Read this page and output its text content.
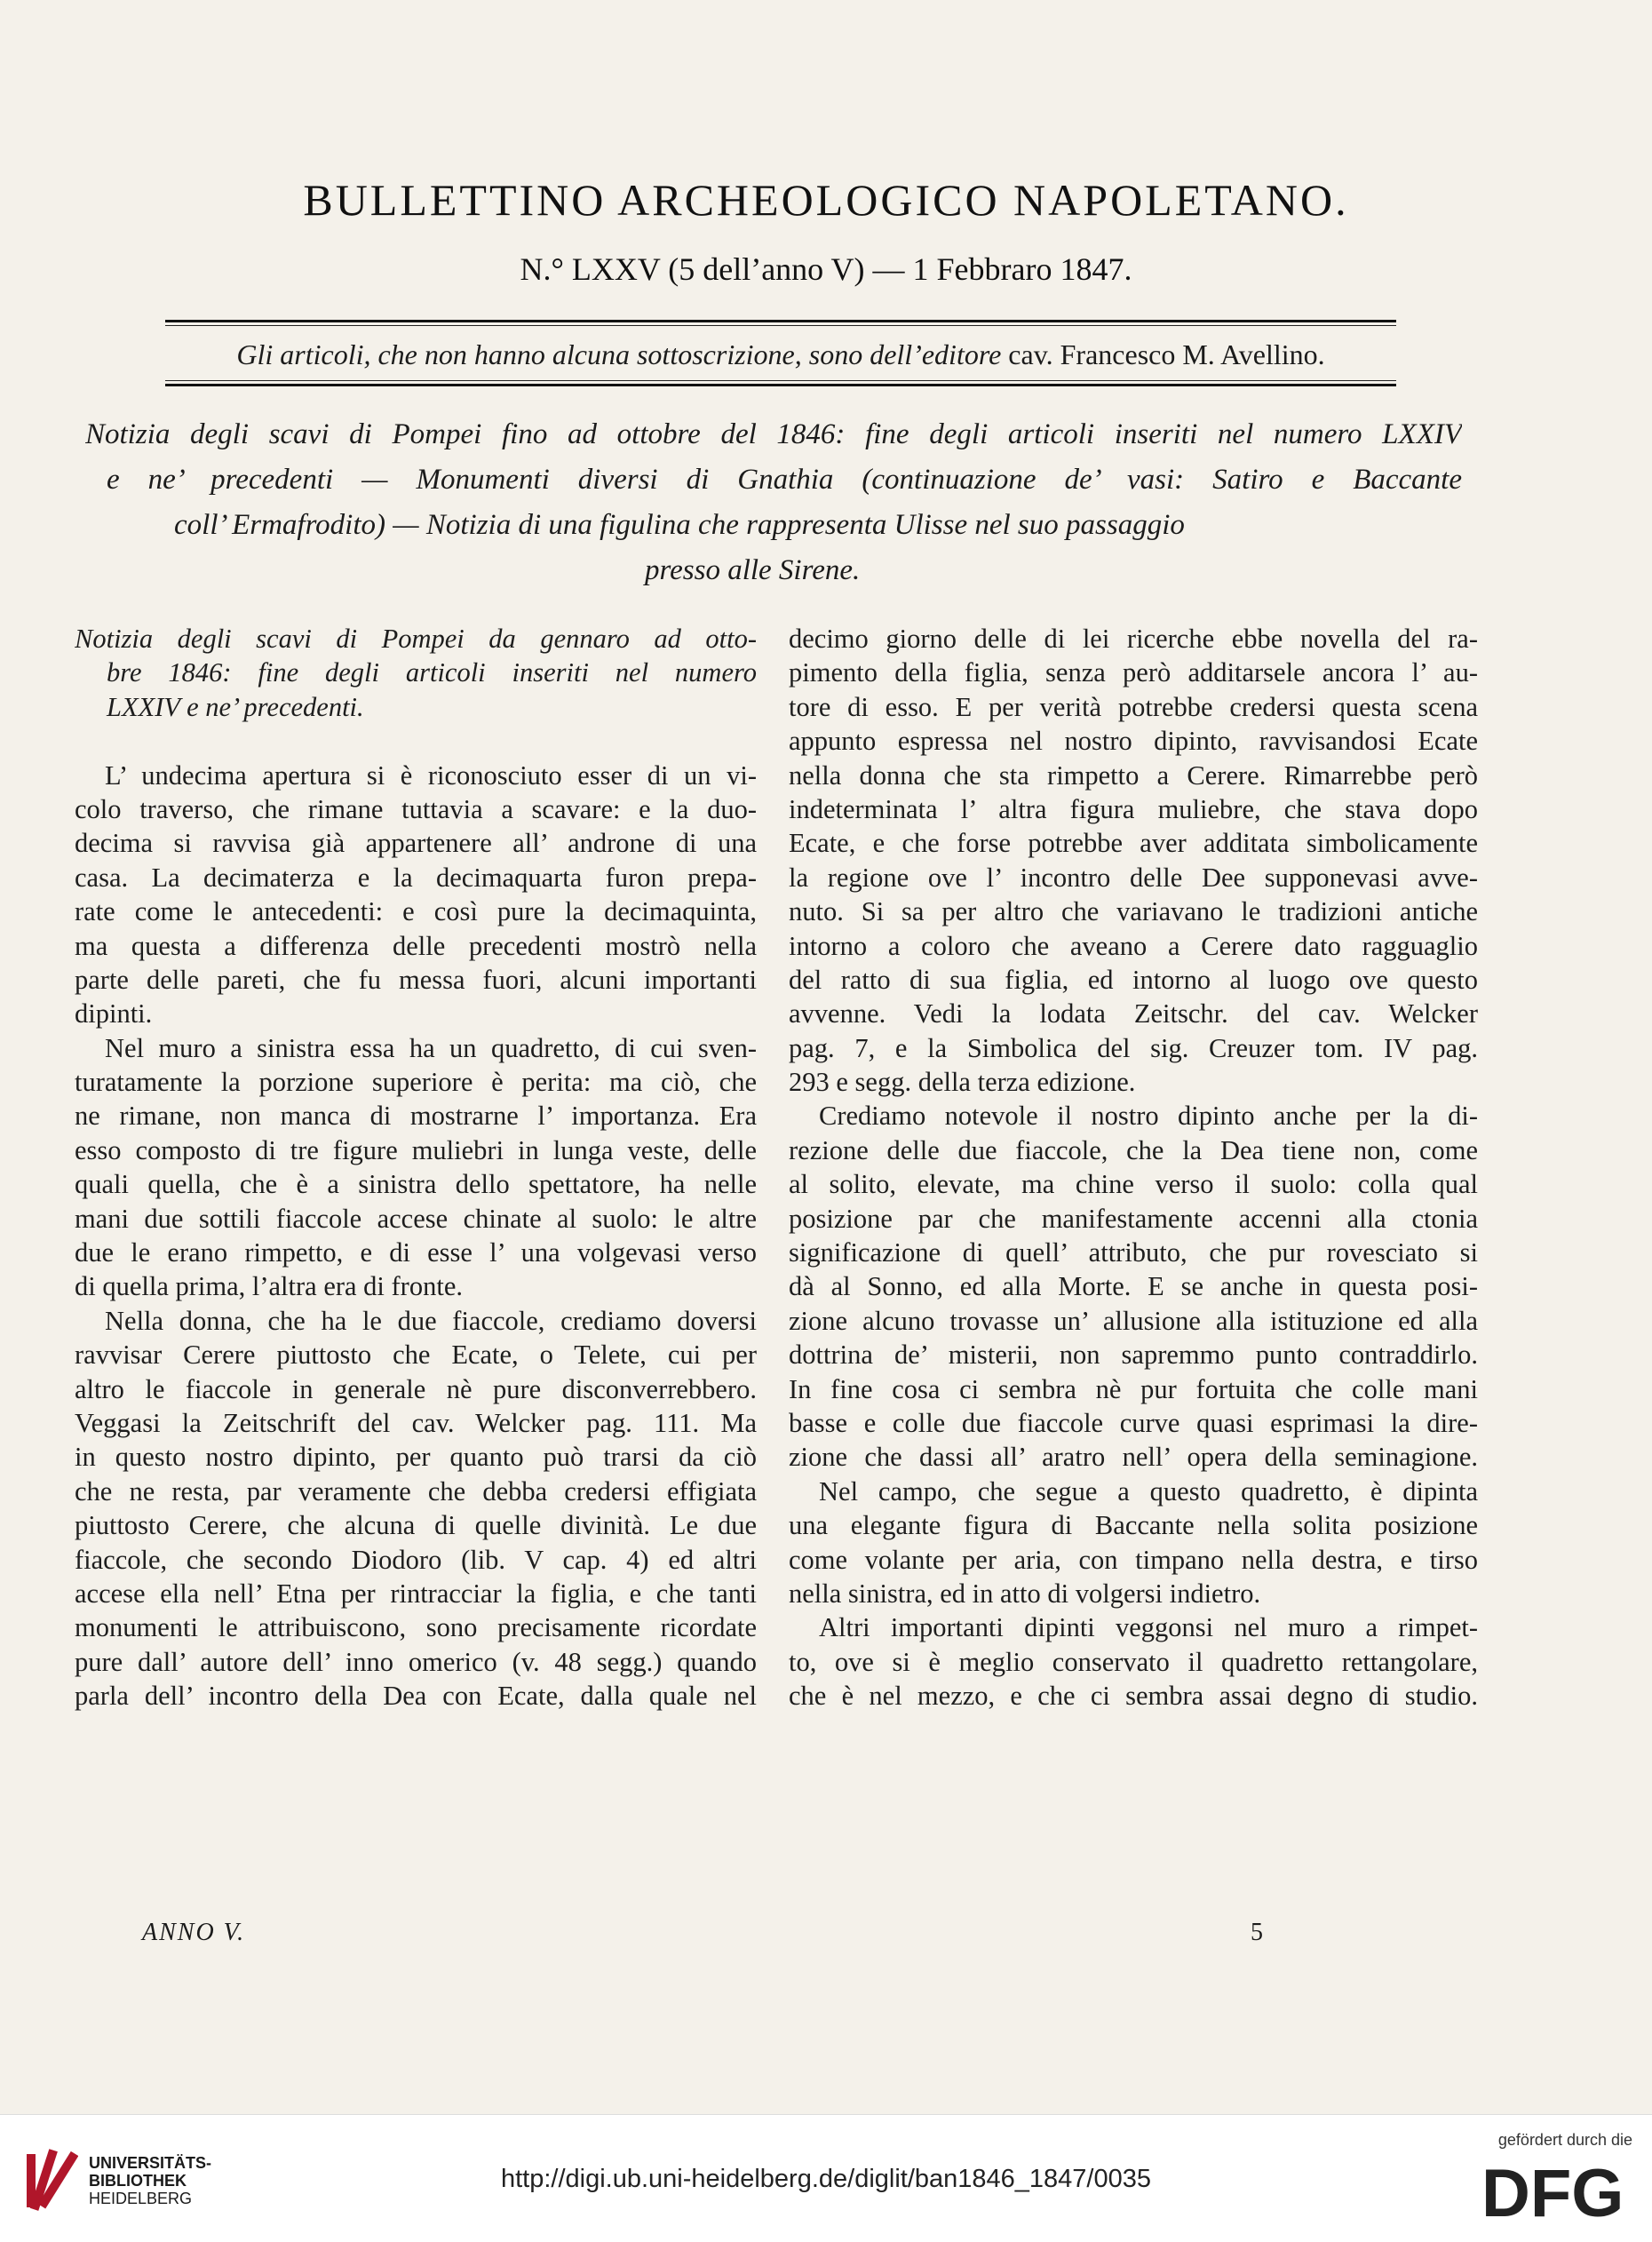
BULLETTINO ARCHEOLOGICO NAPOLETANO.
N.° LXXV (5 dell’anno V) — 1 Febbraro 1847.
Gli articoli, che non hanno alcuna sottoscrizione, sono dell’editore cav. Francesco M. Avellino.
Notizia degli scavi di Pompei fino ad ottobre del 1846: fine degli articoli inseriti nel numero LXXIV
e ne’ precedenti — Monumenti diversi di Gnathia (continuazione de’ vasi: Satiro e Baccante
coll’ Ermafrodito) — Notizia di una figulina che rappresenta Ulisse nel suo passaggio
presso alle Sirene.
Notizia degli scavi di Pompei da gennaro ad otto-
bre 1846: fine degli articoli inseriti nel numero
LXXIV e ne’ precedenti.
L’ undecima apertura si è riconosciuto esser di un vi-
colo traverso, che rimane tuttavia a scavare: e la duo-
decima si ravvisa già appartenere all’ androne di una
casa. La decimaterza e la decimaquarta furon prepa-
rate come le antecedenti: e così pure la decimaquinta,
ma questa a differenza delle precedenti mostrò nella
parte delle pareti, che fu messa fuori, alcuni importanti
dipinti.
Nel muro a sinistra essa ha un quadretto, di cui sven-
turatamente la porzione superiore è perita: ma ciò, che
ne rimane, non manca di mostrarne l’ importanza. Era
esso composto di tre figure muliebri in lunga veste, delle
quali quella, che è a sinistra dello spettatore, ha nelle
mani due sottili fiaccole accese chinate al suolo: le altre
due le erano rimpetto, e di esse l’ una volgevasi verso
di quella prima, l’altra era di fronte.
Nella donna, che ha le due fiaccole, crediamo doversi
ravvisar Cerere piuttosto che Ecate, o Telete, cui per
altro le fiaccole in generale nè pure disconverrebbero.
Veggasi la Zeitschrift del cav. Welcker pag. 111. Ma
in questo nostro dipinto, per quanto può trarsi da ciò
che ne resta, par veramente che debba credersi effigiata
piuttosto Cerere, che alcuna di quelle divinità. Le due
fiaccole, che secondo Diodoro (lib. V cap. 4) ed altri
accese ella nell’ Etna per rintracciar la figlia, e che tanti
monumenti le attribuiscono, sono precisamente ricordate
pure dall’ autore dell’ inno omerico (v. 48 segg.) quando
parla dell’ incontro della Dea con Ecate, dalla quale nel
decimo giorno delle di lei ricerche ebbe novella del ra-
pimento della figlia, senza però additarsele ancora l’ au-
tore di esso. E per verità potrebbe credersi questa scena
appunto espressa nel nostro dipinto, ravvisandosi Ecate
nella donna che sta rimpetto a Cerere. Rimarrebbe però
indeterminata l’ altra figura muliebre, che stava dopo
Ecate, e che forse potrebbe aver additata simbolicamente
la regione ove l’ incontro delle Dee supponevasi avve-
nuto. Si sa per altro che variavano le tradizioni antiche
intorno a coloro che aveano a Cerere dato ragguaglio
del ratto di sua figlia, ed intorno al luogo ove questo
avvenne. Vedi la lodata Zeitschr. del cav. Welcker
pag. 7, e la Simbolica del sig. Creuzer tom. IV pag.
293 e segg. della terza edizione.
Crediamo notevole il nostro dipinto anche per la di-
rezione delle due fiaccole, che la Dea tiene non, come
al solito, elevate, ma chine verso il suolo: colla qual
posizione par che manifestamente accenni alla ctonia
significazione di quell’ attributo, che pur rovesciato si
dà al Sonno, ed alla Morte. E se anche in questa posi-
zione alcuno trovasse un’ allusione alla istituzione ed alla
dottrina de’ misterii, non sapremmo punto contraddirlo.
In fine cosa ci sembra nè pur fortuita che colle mani
basse e colle due fiaccole curve quasi esprimasi la dire-
zione che dassi all’ aratro nell’ opera della seminagione.
Nel campo, che segue a questo quadretto, è dipinta
una elegante figura di Baccante nella solita posizione
come volante per aria, con timpano nella destra, e tirso
nella sinistra, ed in atto di volgersi indietro.
Altri importanti dipinti veggonsi nel muro a rimpet-
to, ove si è meglio conservato il quadretto rettangolare,
che è nel mezzo, e che ci sembra assai degno di studio.
ANNO V.	5
UNIVERSITÄTS-
BIBLIOTHEK
HEIDELBERG
http://digi.ub.uni-heidelberg.de/diglit/ban1846_1847/0035
gefördert durch die
DFG
